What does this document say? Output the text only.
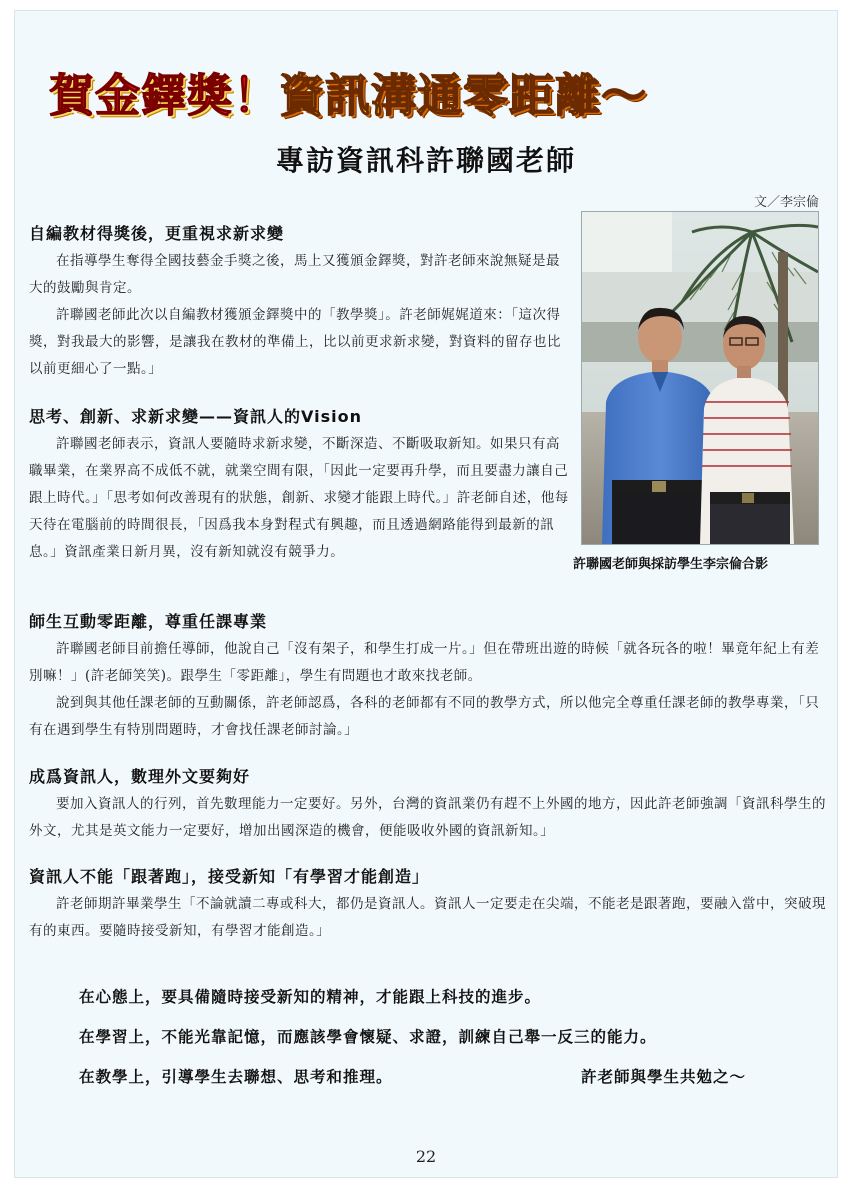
賀金鐸獎！資訊溝通零距離～
專訪資訊科許聯國老師
文／李宗倫
許聯國老師與採訪學生李宗倫合影
自編教材得獎後，更重視求新求變

在指導學生奪得全國技藝金手獎之後，馬上又獲頒金鐸獎，對許老師來說無疑是最大的鼓勵與肯定。

許聯國老師此次以自編教材獲頒金鐸獎中的「教學獎」。許老師娓娓道來：「這次得獎，對我最大的影響，是讓我在教材的準備上，比以前更求新求變，對資料的留存也比以前更細心了一點。」

思考、創新、求新求變——資訊人的Vision

許聯國老師表示，資訊人要隨時求新求變，不斷深造、不斷吸取新知。如果只有高職畢業，在業界高不成低不就，就業空間有限，「因此一定要再升學，而且要盡力讓自己跟上時代。」「思考如何改善現有的狀態，創新、求變才能跟上時代。」許老師自述，他每天待在電腦前的時間很長，「因爲我本身對程式有興趣，而且透過網路能得到最新的訊息。」資訊產業日新月異，沒有新知就沒有競爭力。

師生互動零距離，尊重任課專業

許聯國老師目前擔任導師，他說自己「沒有架子，和學生打成一片。」但在帶班出遊的時候「就各玩各的啦！畢竟年紀上有差別嘛！」(許老師笑笑)。跟學生「零距離」，學生有問題也才敢來找老師。

說到與其他任課老師的互動關係，許老師認爲，各科的老師都有不同的教學方式，所以他完全尊重任課老師的教學專業，「只有在遇到學生有特別問題時，才會找任課老師討論。」

成爲資訊人，數理外文要夠好

要加入資訊人的行列，首先數理能力一定要好。另外，台灣的資訊業仍有趕不上外國的地方，因此許老師強調「資訊科學生的外文，尤其是英文能力一定要好，增加出國深造的機會，便能吸收外國的資訊新知。」

資訊人不能「跟著跑」，接受新知「有學習才能創造」

許老師期許畢業學生「不論就讀二專或科大，都仍是資訊人。資訊人一定要走在尖端，不能老是跟著跑，要融入當中，突破現有的東西。要隨時接受新知，有學習才能創造。」

在心態上，要具備隨時接受新知的精神，才能跟上科技的進步。

在學習上，不能光靠記憶，而應該學會懷疑、求證，訓練自己舉一反三的能力。

在教學上，引導學生去聯想、思考和推理。	許老師與學生共勉之～
22
